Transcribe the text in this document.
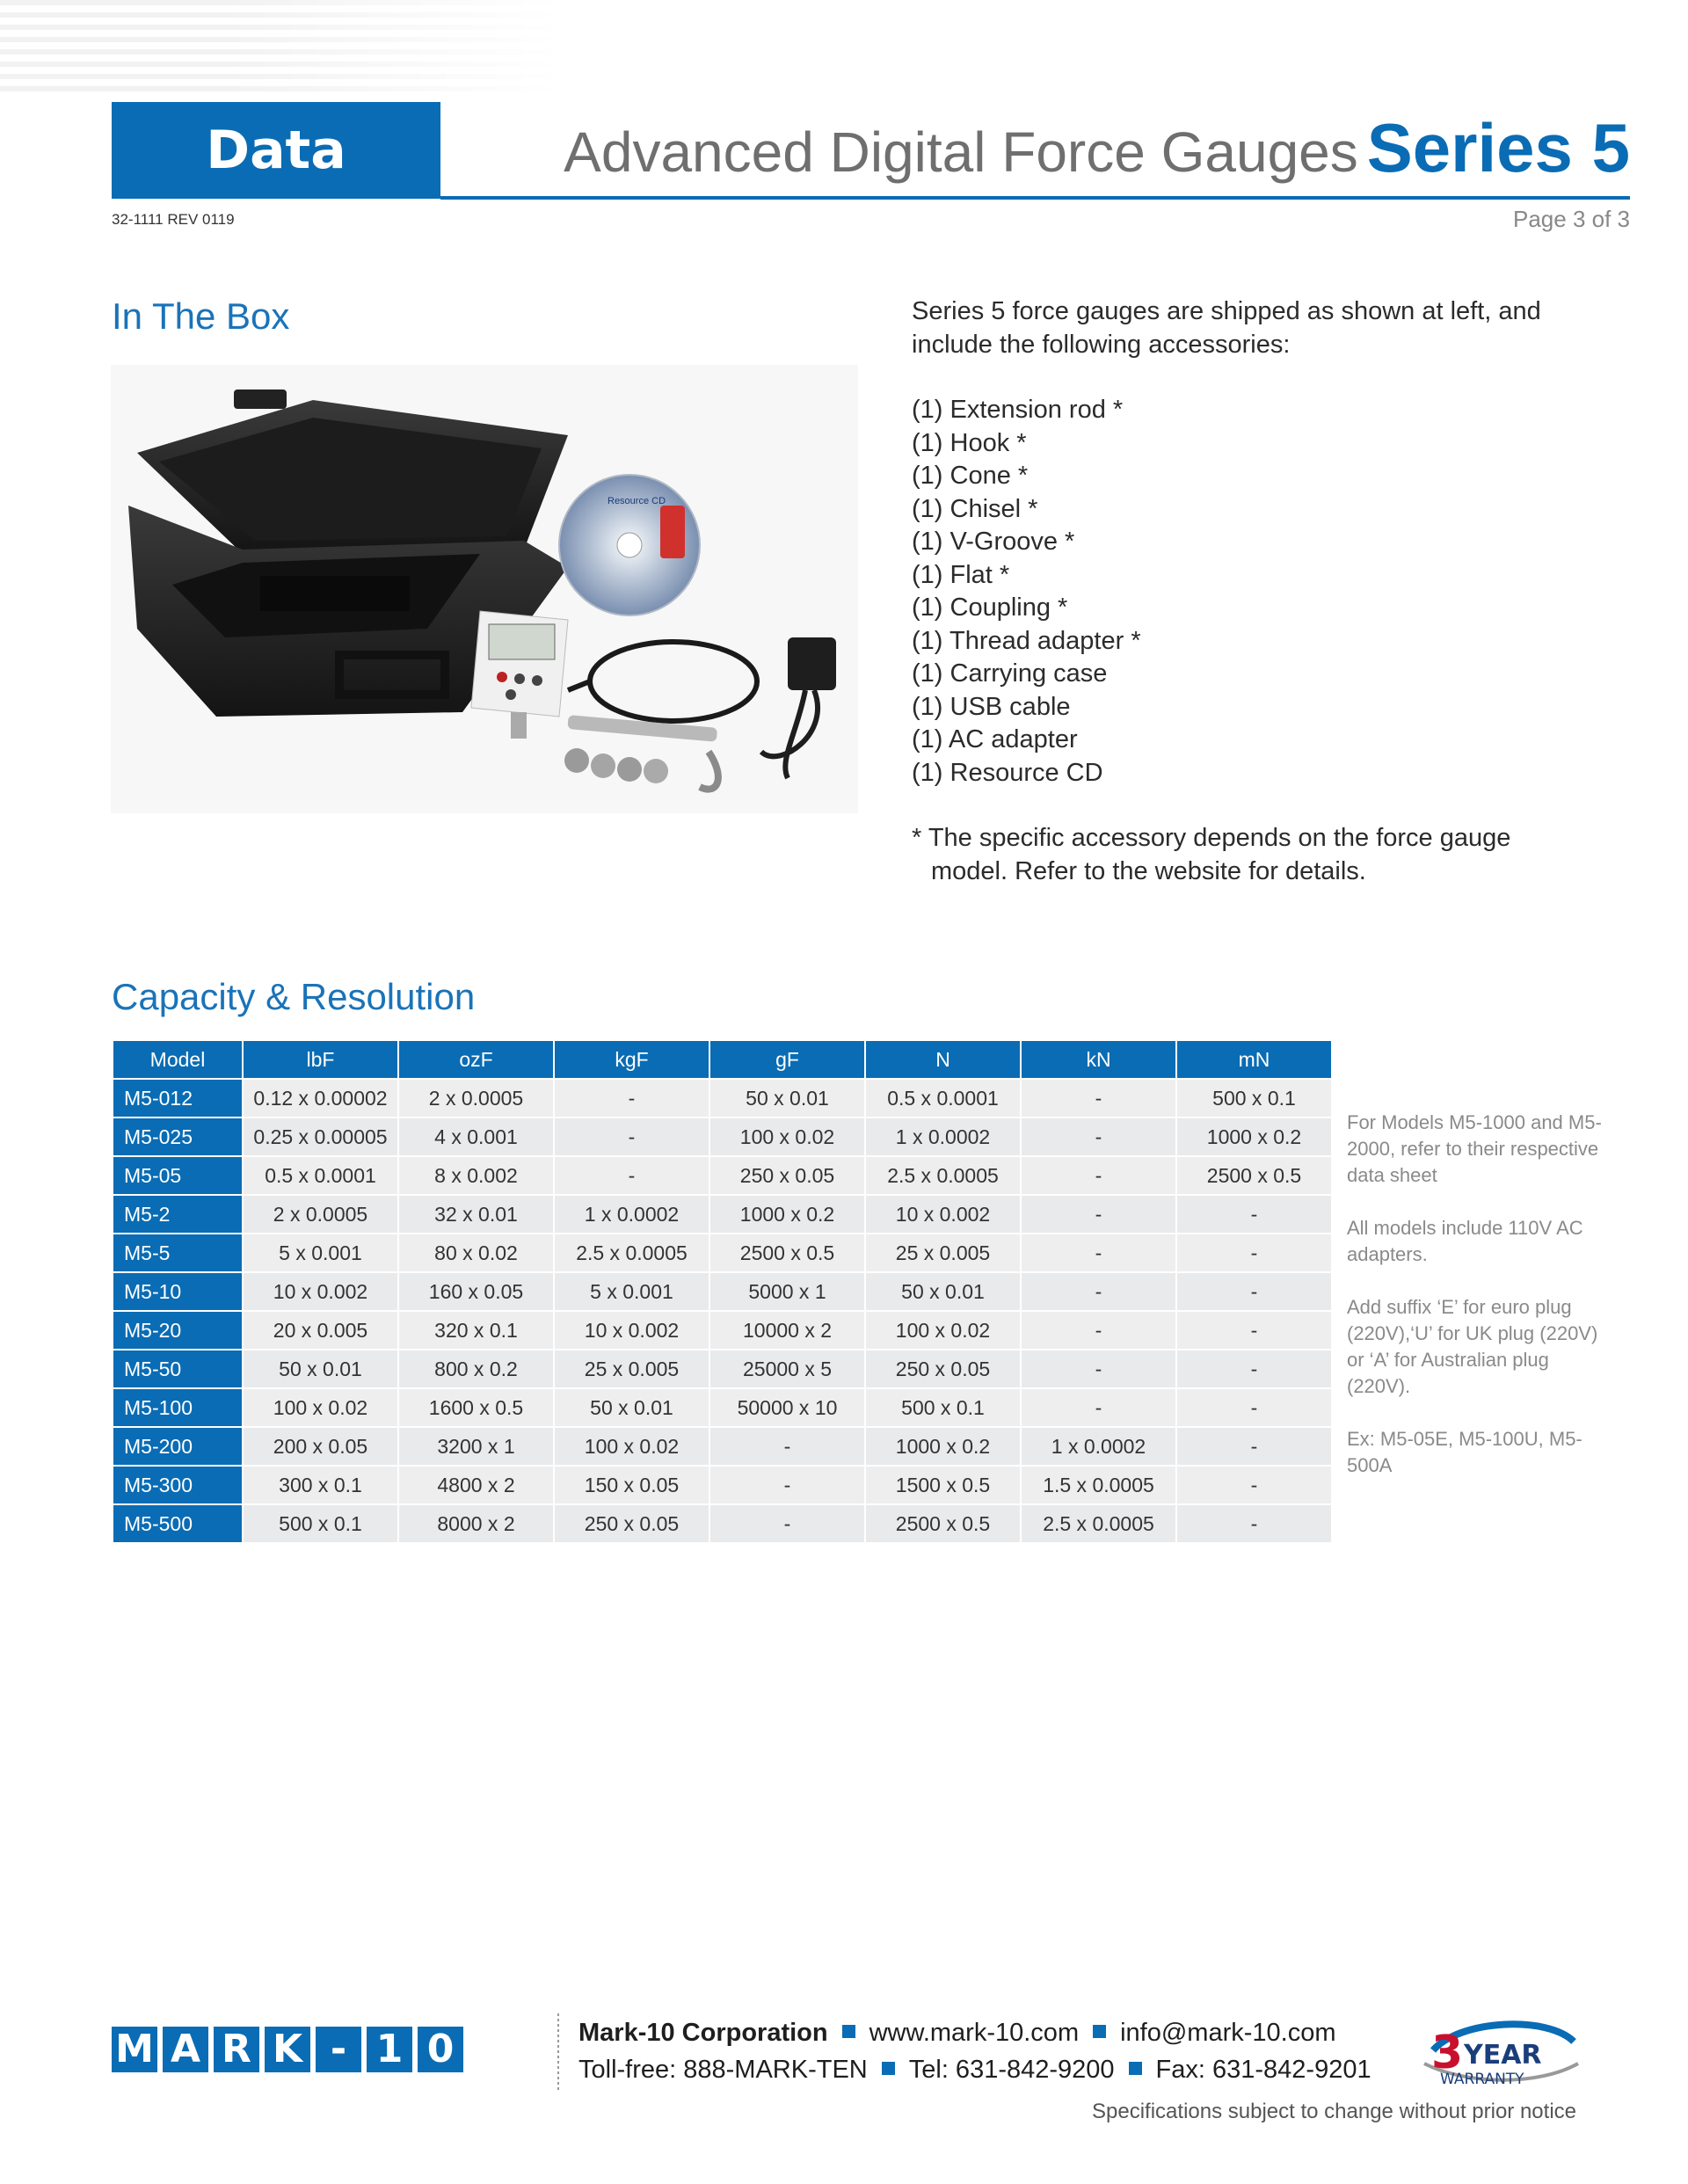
Data Sheet
Advanced Digital Force Gauges Series 5
32-1111 REV 0119	Page 3 of 3
In The Box
Resource CD

Series 5 force gauges are shipped as shown at left, and include the following accessories:

(1) Extension rod *
(1) Hook *
(1) Cone *
(1) Chisel *
(1) V-Groove *
(1) Flat *
(1) Coupling *
(1) Thread adapter *
(1) Carrying case
(1) USB cable
(1) AC adapter
(1) Resource CD

* The specific accessory depends on the force gauge model. Refer to the website for details.

Capacity & Resolution
Model	lbF	ozF	kgF	gF	N	kN	mN
M5-012	0.12 x 0.00002	2 x 0.0005	-	50 x 0.01	0.5 x 0.0001	-	500 x 0.1
M5-025	0.25 x 0.00005	4 x 0.001	-	100 x 0.02	1 x 0.0002	-	1000 x 0.2
M5-05	0.5 x 0.0001	8 x 0.002	-	250 x 0.05	2.5 x 0.0005	-	2500 x 0.5
M5-2	2 x 0.0005	32 x 0.01	1 x 0.0002	1000 x 0.2	10 x 0.002	-	-
M5-5	5 x 0.001	80 x 0.02	2.5 x 0.0005	2500 x 0.5	25 x 0.005	-	-
M5-10	10 x 0.002	160 x 0.05	5 x 0.001	5000 x 1	50 x 0.01	-	-
M5-20	20 x 0.005	320 x 0.1	10 x 0.002	10000 x 2	100 x 0.02	-	-
M5-50	50 x 0.01	800 x 0.2	25 x 0.005	25000 x 5	250 x 0.05	-	-
M5-100	100 x 0.02	1600 x 0.5	50 x 0.01	50000 x 10	500 x 0.1	-	-
M5-200	200 x 0.05	3200 x 1	100 x 0.02	-	1000 x 0.2	1 x 0.0002	-
M5-300	300 x 0.1	4800 x 2	150 x 0.05	-	1500 x 0.5	1.5 x 0.0005	-
M5-500	500 x 0.1	8000 x 2	250 x 0.05	-	2500 x 0.5	2.5 x 0.0005	-

For Models M5-1000 and M5-2000, refer to their respective data sheet

All models include 110V AC adapters.

Add suffix ‘E’ for euro plug (220V),‘U’ for UK plug (220V) or ‘A’ for Australian plug (220V).

Ex: M5-05E, M5-100U, M5-500A

M A R K - 1 0	Mark-10 Corporation www.mark-10.com info@mark-10.com
Toll-free: 888-MARK-TEN Tel: 631-842-9200 Fax: 631-842-9201 3 YEAR
WARRANTY
Specifications subject to change without prior notice
